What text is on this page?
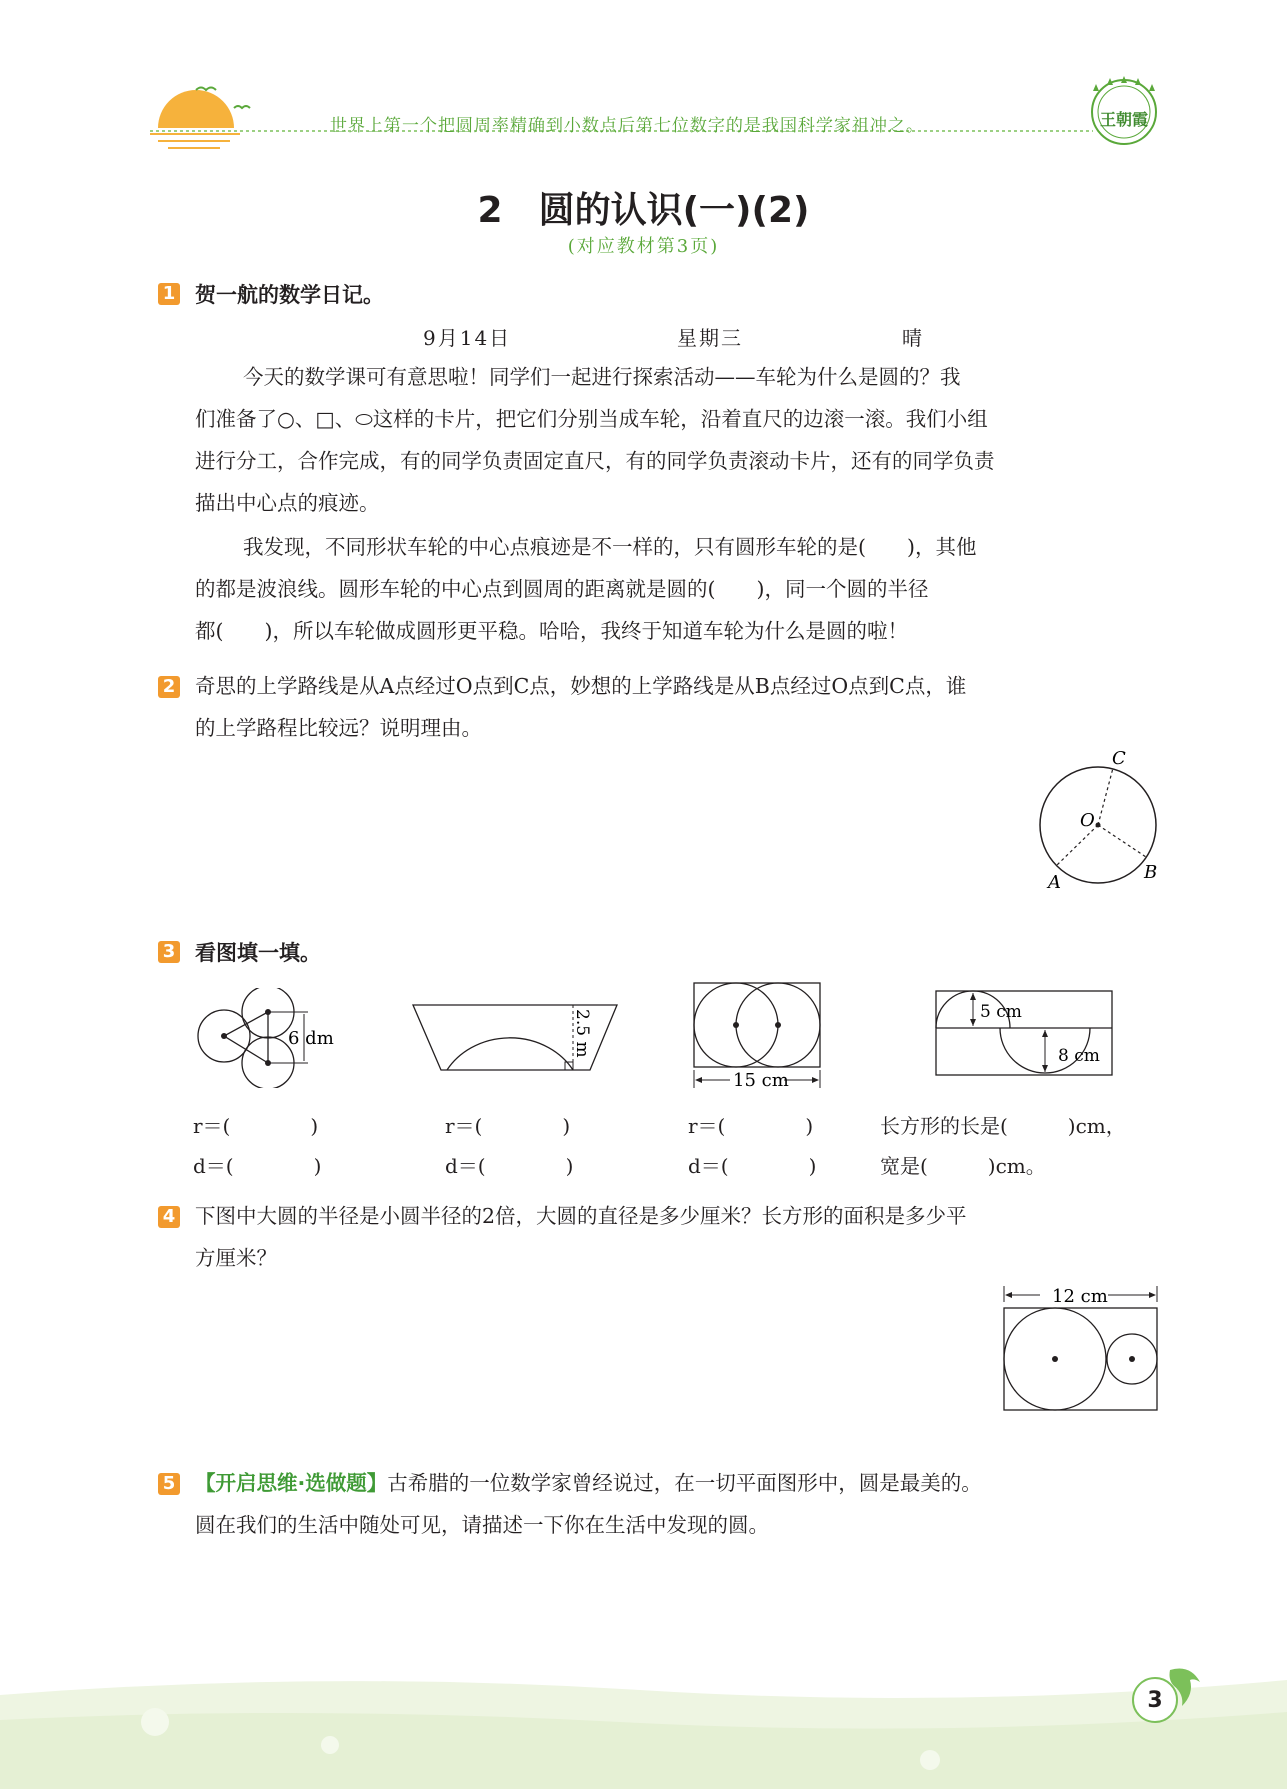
世界上第一个把圆周率精确到小数点后第七位数字的是我国科学家祖冲之。	王朝霞
2　圆的认识(一)(2)
(对应教材第3页)
1 贺一航的数学日记。
9月14日	星期三	晴
今天的数学课可有意思啦！同学们一起进行探索活动——车轮为什么是圆的？我
们准备了○、□、⬭这样的卡片，把它们分别当成车轮，沿着直尺的边滚一滚。我们小组
进行分工，合作完成，有的同学负责固定直尺，有的同学负责滚动卡片，还有的同学负责
描出中心点的痕迹。
我发现，不同形状车轮的中心点痕迹是不一样的，只有圆形车轮的是(　　)，其他
的都是波浪线。圆形车轮的中心点到圆周的距离就是圆的(　　)，同一个圆的半径
都(　　)，所以车轮做成圆形更平稳。哈哈，我终于知道车轮为什么是圆的啦！
2 奇思的上学路线是从A点经过O点到C点，妙想的上学路线是从B点经过O点到C点，谁
的上学路程比较远？说明理由。
C
O
A	B
3 看图填一填。
6 dm	2.5 m
15 cm
5 cm
8 cm
r＝(　　　　)
d＝(　　　　)
r＝(　　　　)
d＝(　　　　)
r＝(　　　　)
d＝(　　　　)
长方形的长是(　　　)cm，
宽是(　　　)cm。
4 下图中大圆的半径是小圆半径的2倍，大圆的直径是多少厘米？长方形的面积是多少平
方厘米？
12 cm
5 【开启思维·选做题】古希腊的一位数学家曾经说过，在一切平面图形中，圆是最美的。
圆在我们的生活中随处可见，请描述一下你在生活中发现的圆。
3
